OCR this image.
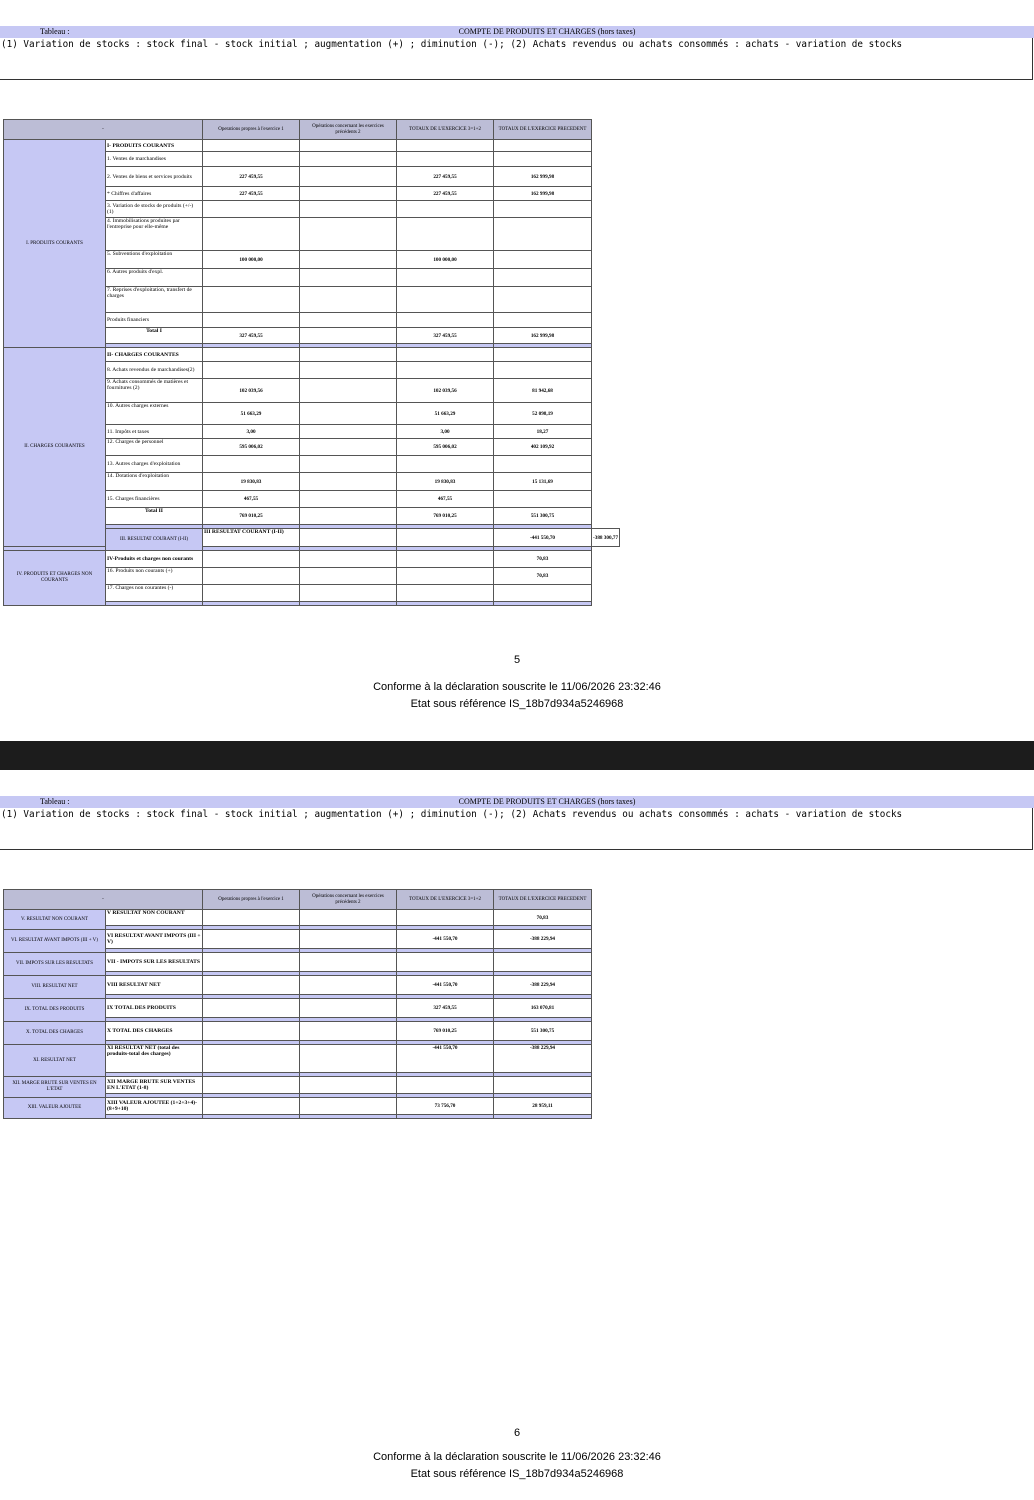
Tableau :	COMPTE DE PRODUITS ET CHARGES (hors taxes)
(1) Variation de stocks : stock final - stock initial ; augmentation (+) ; diminution (-); (2) Achats revendus ou achats consommés : achats - variation de stocks
-		Operations propres à l'exercice 1	Opérations concernant les exercices précédents 2	TOTAUX DE L'EXERCICE 3=1+2	TOTAUX DE L'EXERCICE PRECEDENT	
I. PRODUITS COURANTS	I- PRODUITS COURANTS					
	1. Ventes de marchandises					
	2. Ventes de biens et services produits	227 459,55		227 459,55	162 999,98	
	* Chiffres d'affaires	227 459,55		227 459,55	162 999,98	
	3. Variation de stocks de produits (+/-) (1)					
	4. Immobilisations produites par l'entreprise pour elle-même					
	5. Subventions d'exploitation	100 000,00		100 000,00		
	6. Autres produits d'expl.					
	7. Reprises d'exploitation, transfert de charges					
	Produits financiers					
	Total I	327 459,55		327 459,55	162 999,98	

II. CHARGES COURANTES	II- CHARGES COURANTES					
	8. Achats revendus de marchandises(2)					
	9. Achats consommés de matières et fournitures (2)	102 039,56		102 039,56	81 942,68	
	10. Autres charges externes	51 663,29		51 663,29	52 098,19	
	11. Impôts et taxes	3,00		3,00	18,27	
	12. Charges de personnel	595 006,02		595 006,02	402 109,92	
	13. Autres charges d'exploitation					
	14. Dotations d'exploitation	19 830,83		19 830,83	15 131,69	
	15. Charges financières	467,55		467,55		
	Total II	769 010,25		769 010,25	551 300,75	

	III. RESULTAT COURANT (I-II)	III RESULTAT COURANT (I-II)			-441 550,70	-388 300,77

IV. PRODUITS ET CHARGES NON COURANTS	IV-Produits et charges non courants				70,83	
	16. Produits non courants (+)				70,83	
	17. Charges non courantes (-)					

5
Conforme à la déclaration souscrite le 11/06/2026 23:32:46
Etat sous référence IS_18b7d934a5246968
Tableau :	COMPTE DE PRODUITS ET CHARGES (hors taxes)
(1) Variation de stocks : stock final - stock initial ; augmentation (+) ; diminution (-); (2) Achats revendus ou achats consommés : achats - variation de stocks
-		Operations propres à l'exercice 1	Opérations concernant les exercices précédents 2	TOTAUX DE L'EXERCICE 3=1+2	TOTAUX DE L'EXERCICE PRECEDENT
V. RESULTAT NON COURANT	V RESULTAT NON COURANT				70,83

VI. RESULTAT AVANT IMPOTS (III + V)	VI RESULTAT AVANT IMPOTS (III + V)			-441 550,70	-388 229,94

VII. IMPOTS SUR LES RESULTATS	VII - IMPOTS SUR LES RESULTATS				

VIII. RESULTAT NET	VIII RESULTAT NET			-441 550,70	-388 229,94

IX. TOTAL DES PRODUITS	IX TOTAL DES PRODUITS			327 459,55	163 070,81

X. TOTAL DES CHARGES	X TOTAL DES CHARGES			769 010,25	551 300,75

XI. RESULTAT NET	XI RESULTAT NET (total des produits-total des charges)			-441 550,70	-388 229,94

XII. MARGE BRUTE SUR VENTES EN L'ETAT	XII MARGE BRUTE SUR VENTES EN L'ETAT (1-8)				

XIII. VALEUR AJOUTEE	XIII VALEUR AJOUTEE (1+2+3+4)-(8+9+10)			73 756,70	28 959,11

6
Conforme à la déclaration souscrite le 11/06/2026 23:32:46
Etat sous référence IS_18b7d934a5246968
